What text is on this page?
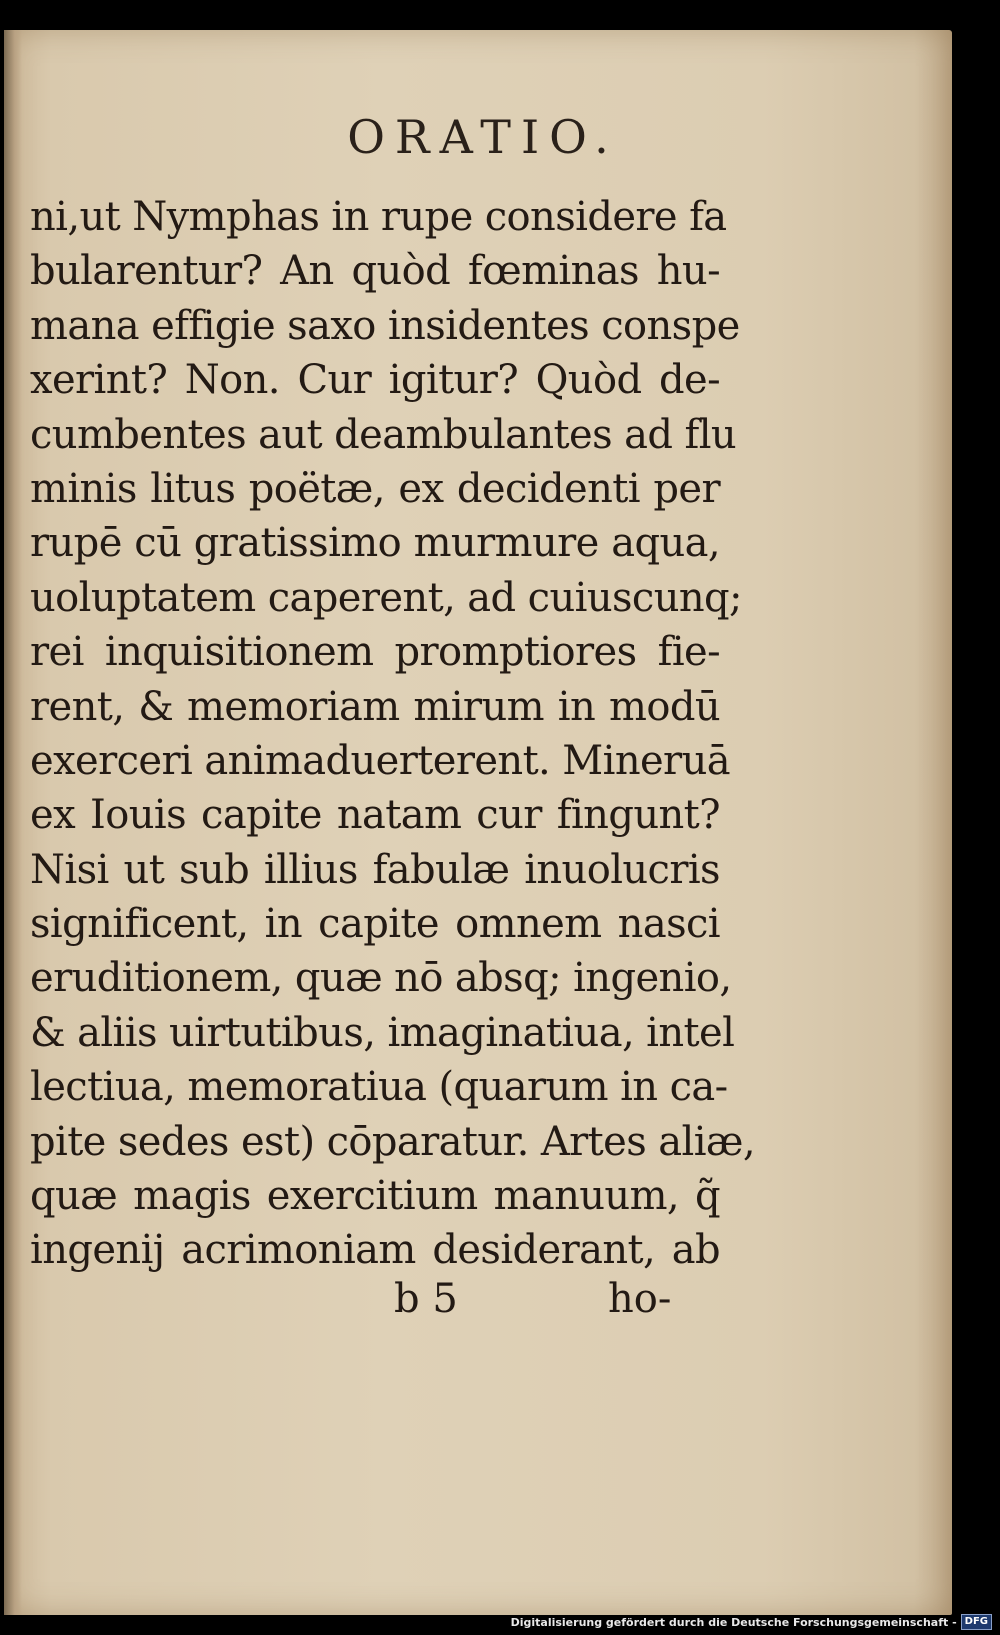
ORATIO.
ni,ut Nymphas in rupe considere fa
bularentur? An quòd fœminas hu-
mana effigie saxo insidentes conspe
xerint? Non. Cur igitur? Quòd de-
cumbentes aut deambulantes ad flu
minis litus poëtæ, ex decidenti per
rupē cū gratissimo murmure aqua,
uoluptatem caperent, ad cuiuscunq;
rei inquisitionem promptiores fie-
rent, & memoriam mirum in modū
exerceri animaduerterent. Mineruā
ex Iouis capite natam cur fingunt?
Nisi ut sub illius fabulæ inuolucris
significent, in capite omnem nasci
eruditionem, quæ nō absq; ingenio,
& aliis uirtutibus, imaginatiua, intel
lectiua, memoratiua (quarum in ca-
pite sedes est) cōparatur. Artes aliæ,
quæ magis exercitium manuum, q̃
ingenij acrimoniam desiderant, ab
b 5	ho-
Digitalisierung gefördert durch die Deutsche Forschungsgemeinschaft - DFG
